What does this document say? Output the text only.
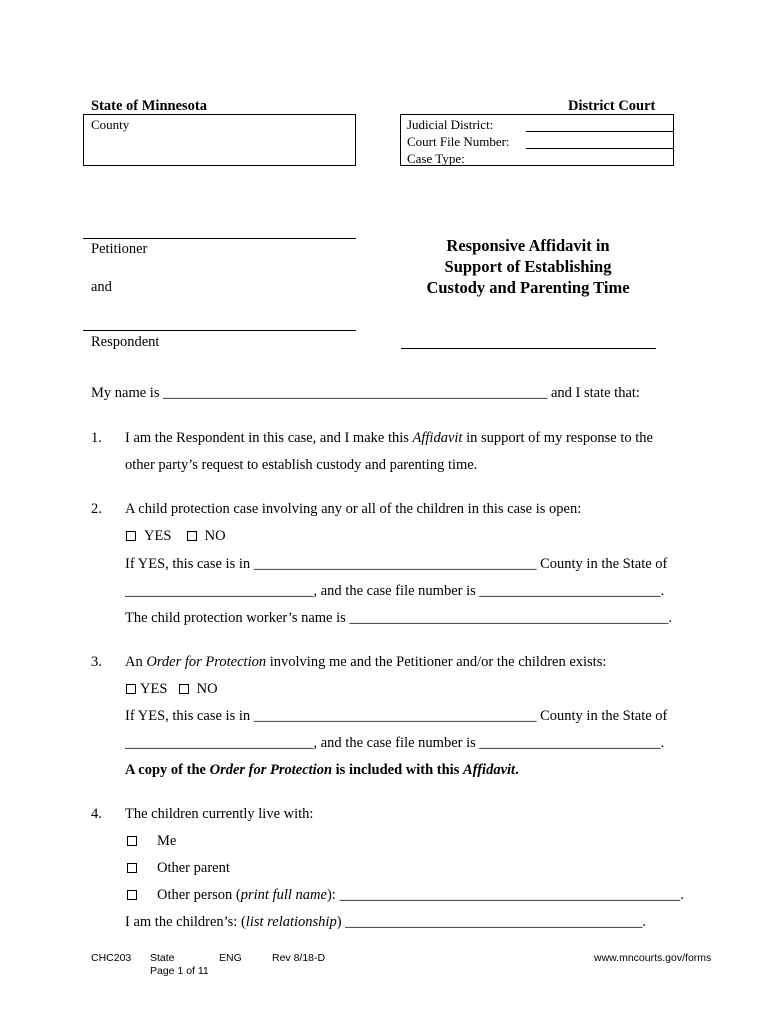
State of Minnesota	District Court
County	Judicial District:
Court File Number:
Case Type:
Petitioner
and
Respondent
Responsive Affidavit in
Support of Establishing
Custody and Parenting Time
My name is _____________________________________________________ and I state that:
1. I am the Respondent in this case, and I make this Affidavit in support of my response to the
other party’s request to establish custody and parenting time.
2. A child protection case involving any or all of the children in this case is open:
YES NO
If YES, this case is in _______________________________________ County in the State of
__________________________, and the case file number is _________________________.
The child protection worker’s name is ____________________________________________.
3. An Order for Protection involving me and the Petitioner and/or the children exists:
YES NO
If YES, this case is in _______________________________________ County in the State of
__________________________, and the case file number is _________________________.
A copy of the Order for Protection is included with this Affidavit.
4. The children currently live with:
Me
Other parent
Other person (print full name): _______________________________________________.
I am the children’s: (list relationship) _________________________________________.
CHC203 State	ENG	Rev 8/18-D
Page 1 of 11
www.mncourts.gov/forms
